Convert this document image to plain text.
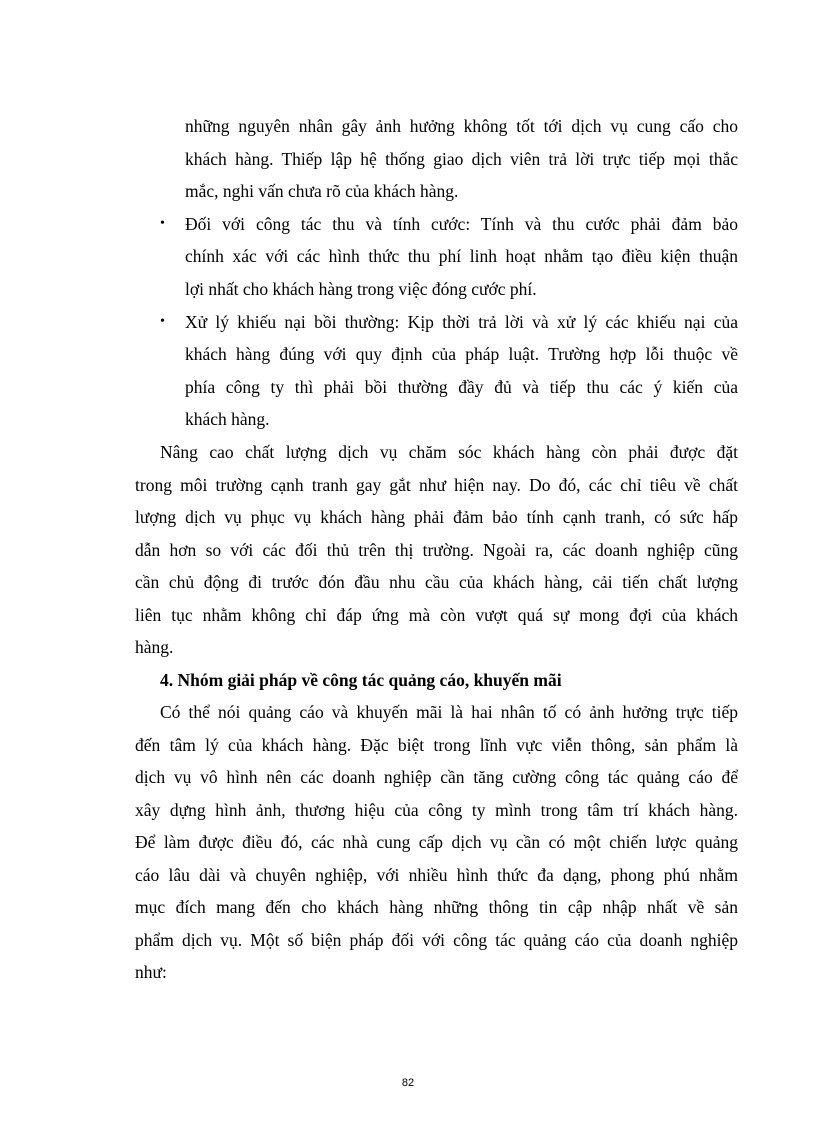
những nguyên nhân gây ảnh hưởng không tốt tới dịch vụ cung cấo cho

khách hàng. Thiếp lập hệ thống giao dịch viên trả lời trực tiếp mọi thắc

mắc, nghi vấn chưa rõ của khách hàng.

• Đối với công tác thu và tính cước: Tính và thu cước phải đảm bảo

chính xác với các hình thức thu phí linh hoạt nhằm tạo điều kiện thuận

lợi nhất cho khách hàng trong việc đóng cước phí.

• Xử lý khiếu nại bồi thường: Kịp thời trả lời và xử lý các khiếu nại của

khách hàng đúng với quy định của pháp luật. Trường hợp lỗi thuộc về

phía công ty thì phải bồi thường đầy đủ và tiếp thu các ý kiến của

khách hàng.

Nâng cao chất lượng dịch vụ chăm sóc khách hàng còn phải được đặt

trong môi trường cạnh tranh gay gắt như hiện nay. Do đó, các chỉ tiêu về chất

lượng dịch vụ phục vụ khách hàng phải đảm bảo tính cạnh tranh, có sức hấp

dẫn hơn so với các đối thủ trên thị trường. Ngoài ra, các doanh nghiệp cũng

cần chủ động đi trước đón đầu nhu cầu của khách hàng, cải tiến chất lượng

liên tục nhằm không chỉ đáp ứng mà còn vượt quá sự mong đợi của khách

hàng.

4. Nhóm giải pháp về công tác quảng cáo, khuyến mãi

Có thể nói quảng cáo và khuyến mãi là hai nhân tố có ảnh hưởng trực tiếp

đến tâm lý của khách hàng. Đặc biệt trong lĩnh vực viễn thông, sản phẩm là

dịch vụ vô hình nên các doanh nghiệp cần tăng cường công tác quảng cáo để

xây dựng hình ảnh, thương hiệu của công ty mình trong tâm trí khách hàng.

Để làm được điều đó, các nhà cung cấp dịch vụ cần có một chiến lược quảng

cáo lâu dài và chuyên nghiệp, với nhiều hình thức đa dạng, phong phú nhằm

mục đích mang đến cho khách hàng những thông tin cập nhập nhất về sản

phẩm dịch vụ. Một số biện pháp đối với công tác quảng cáo của doanh nghiệp

như:

82
